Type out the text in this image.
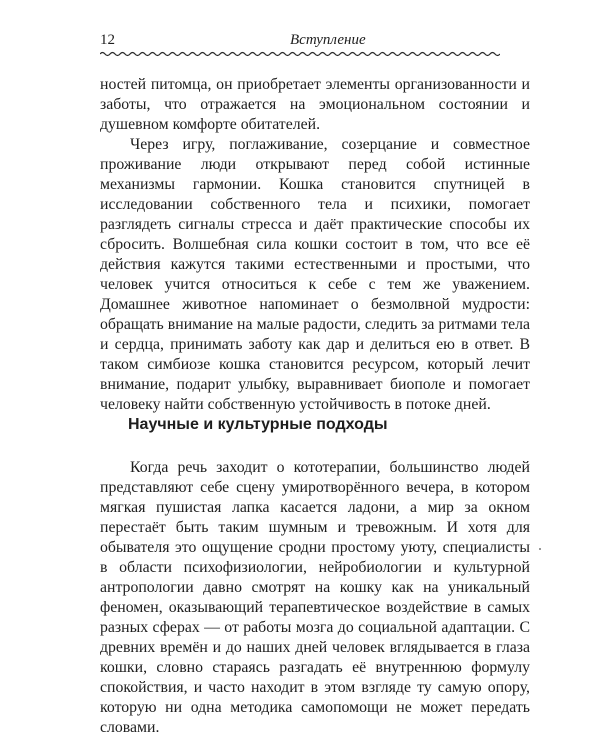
12	Вступление

ностей питомца, он приобретает элементы организованности и заботы, что отражается на эмоциональном состоянии и душевном комфорте обитателей.

Через игру, поглаживание, созерцание и совместное проживание люди открывают перед собой истинные механизмы гармонии. Кошка становится спутницей в исследовании собственного тела и психики, помогает разглядеть сигналы стресса и даёт практические способы их сбросить. Волшебная сила кошки состоит в том, что все её действия кажутся такими естественными и простыми, что человек учится относиться к себе с тем же уважением. Домашнее животное напоминает о безмолвной мудрости: обращать внимание на малые радости, следить за ритмами тела и сердца, принимать заботу как дар и делиться ею в ответ. В таком симбиозе кошка становится ресурсом, который лечит внимание, подарит улыбку, выравнивает биополе и помогает человеку найти собственную устойчивость в потоке дней.

Научные и культурные подходы

Когда речь заходит о кототерапии, большинство людей представляют себе сцену умиротворённого вечера, в котором мягкая пушистая лапка касается ладони, а мир за окном перестаёт быть таким шумным и тревожным. И хотя для обывателя это ощущение сродни простому уюту, специалисты в области психофизиологии, нейробиологии и культурной антропологии давно смотрят на кошку как на уникальный феномен, оказывающий терапевтическое воздействие в самых разных сферах — от работы мозга до социальной адаптации. С древних времён и до наших дней человек вглядывается в глаза кошки, словно стараясь разгадать её внутреннюю формулу спокойствия, и часто находит в этом взгляде ту самую опору, которую ни одна методика самопомощи не может передать словами.
